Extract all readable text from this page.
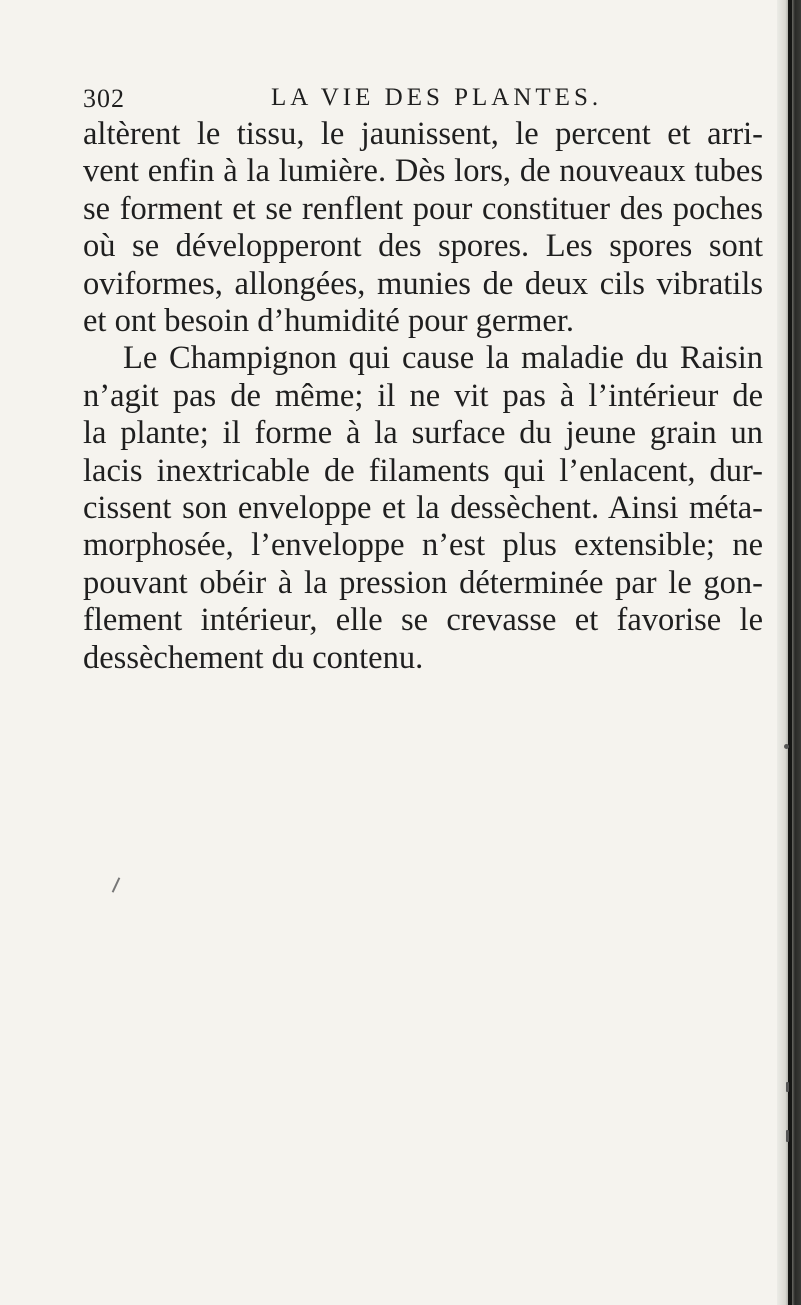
302	LA VIE DES PLANTES.
altèrent le tissu, le jaunissent, le percent et arri-
vent enfin à la lumière. Dès lors, de nouveaux tubes
se forment et se renflent pour constituer des poches
où se développeront des spores. Les spores sont
oviformes, allongées, munies de deux cils vibratils
et ont besoin d’humidité pour germer.
Le Champignon qui cause la maladie du Raisin
n’agit pas de même; il ne vit pas à l’intérieur de
la plante; il forme à la surface du jeune grain un
lacis inextricable de filaments qui l’enlacent, dur-
cissent son enveloppe et la dessèchent. Ainsi méta-
morphosée, l’enveloppe n’est plus extensible; ne
pouvant obéir à la pression déterminée par le gon-
flement intérieur, elle se crevasse et favorise le
dessèchement du contenu.
